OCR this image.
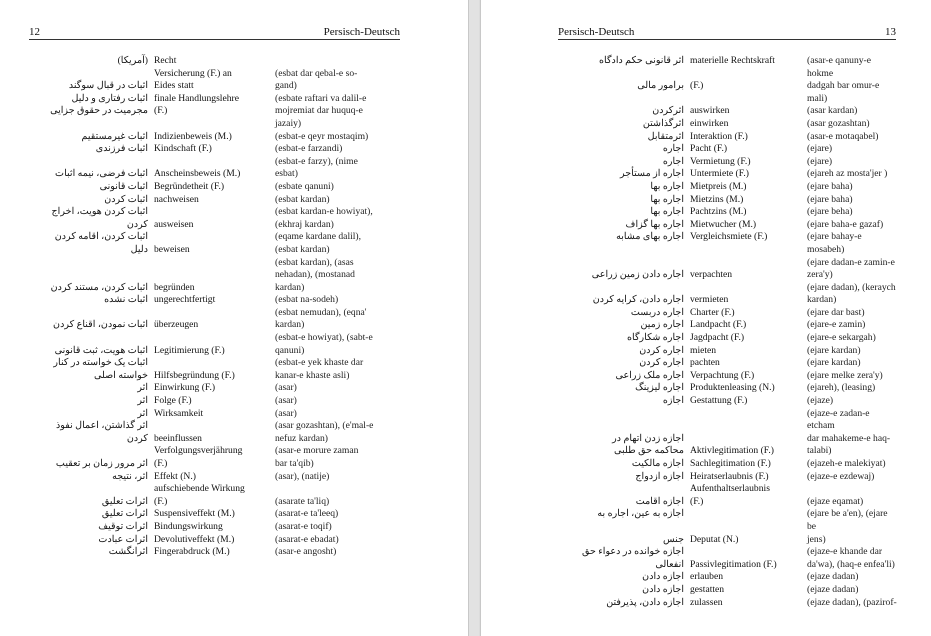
12	Persisch-Deutsch
(آمریکا) Recht
Versicherung (F.) an	(esbat dar qebal-e so-
اثبات در قبال سوگند Eides statt	gand)
اثبات رفتاری و دلیل finale Handlungslehre	(esbate raftari va dalil-e
مجرمیت در حقوق جزایی (F.)	mojremiat dar huquq-e
jazaiy)
اثبات غیرمستقیم Indizienbeweis (M.)	(esbat-e qeyr mostaqim)
اثبات فرزندی Kindschaft (F.)	(esbat-e farzandi)
(esbat-e farzy), (nime
اثبات فرضی، نیمه اثبات Anscheinsbeweis (M.)	esbat)
اثبات قانونی Begründetheit (F.)	(esbate qanuni)
اثبات کردن nachweisen	(esbat kardan)
اثبات کردن هویت، اخراج	(esbat kardan-e howiyat),
کردن ausweisen	(ekhraj kardan)
اثبات کردن، اقامه کردن	(eqame kardane dalil),
دلیل beweisen	(esbat kardan)
(esbat kardan), (asas
nehadan), (mostanad
اثبات کردن، مستند کردن begründen	kardan)
اثبات نشده ungerechtfertigt	(esbat na-sodeh)
(esbat nemudan), (eqna'
اثبات نمودن، اقناع کردن überzeugen	kardan)
(esbat-e howiyat), (sabt-e
اثبات هویت، ثبت قانونی Legitimierung (F.)	qanuni)
اثبات یک خواسته در کنار	(esbat-e yek khaste dar
خواسته اصلی Hilfsbegründung (F.)	kanar-e khaste asli)
اثر Einwirkung (F.)	(asar)
اثر Folge (F.)	(asar)
اثر Wirksamkeit	(asar)
اثر گذاشتن، اعمال نفوذ	(asar gozashtan), (e'mal-e
کردن beeinflussen	nefuz kardan)
Verfolgungsverjährung	(asar-e morure zaman
اثر مرور زمان بر تعقیب (F.)	bar ta'qib)
اثر، نتیجه Effekt (N.)	(asar), (natije)
aufschiebende Wirkung
اثرات تعلیق (F.)	(asarate ta'liq)
اثرات تعلیق Suspensiveffekt (M.)	(asarat-e ta'leeq)
اثرات توقیف Bindungswirkung	(asarat-e toqif)
اثرات عبادت Devolutiveffekt (M.)	(asarat-e ebadat)
اثرانگشت Fingerabdruck (M.)	(asar-e angosht)
Persisch-Deutsch	13
اثر قانونی حکم دادگاه materielle Rechtskraft	(asar-e qanuny-e hokme
برامور مالی (F.)	dadgah bar omur-e mali)
اثرکردن auswirken	(asar kardan)
اثرگذاشتن einwirken	(asar gozashtan)
اثرمتقابل Interaktion (F.)	(asar-e motaqabel)
اجاره Pacht (F.)	(ejare)
اجاره Vermietung (F.)	(ejare)
اجاره از مستأجر Untermiete (F.)	(ejareh az mosta'jer )
اجاره بها Mietpreis (M.)	(ejare baha)
اجاره بها Mietzins (M.)	(ejare baha)
اجاره بها Pachtzins (M.)	(ejare beha)
اجاره بها گزاف Mietwucher (M.)	(ejare baha-e gazaf)
اجاره بهای مشابه Vergleichsmiete (F.)	(ejare bahay-e mosabeh)
(ejare dadan-e zamin-e
اجاره دادن زمین زراعی verpachten	zera'y)
(ejare dadan), (keraych
اجاره دادن، کرایه کردن vermieten	kardan)
اجاره دربست Charter (F.)	(ejare dar bast)
اجاره زمین Landpacht (F.)	(ejare-e zamin)
اجاره شکارگاه Jagdpacht (F.)	(ejare-e sekargah)
اجاره کردن mieten	(ejare kardan)
اجاره کردن pachten	(ejare kardan)
اجاره ملک زراعی Verpachtung (F.)	(ejare melke zera'y)
اجاره لیزینگ Produktenleasing (N.)	(ejareh), (leasing)
اجازه Gestattung (F.)	(ejaze)
(ejaze-e zadan-e etcham
اجازه زدن اتهام در	dar mahakeme-e haq-
محاکمه حق طلبی Aktivlegitimation (F.)	talabi)
اجازه مالکیت Sachlegitimation (F.)	(ejazeh-e malekiyat)
اجازه ازدواج Heiratserlaubnis (F.)	(ejaze-e ezdewaj)
Aufenthaltserlaubnis
اجازه اقامت (F.)	(ejaze eqamat)
اجازه به عین، اجاره به	(ejare be a'en), (ejare be
جنس Deputat (N.)	jens)
اجازه خوانده در دعواء حق	(ejaze-e khande dar
انفعالی Passivlegitimation (F.)	da'wa), (haq-e enfea'li)
اجازه دادن erlauben	(ejaze dadan)
اجازه دادن gestatten	(ejaze dadan)
اجازه دادن، پذیرفتن zulassen	(ejaze dadan), (pazirof-
